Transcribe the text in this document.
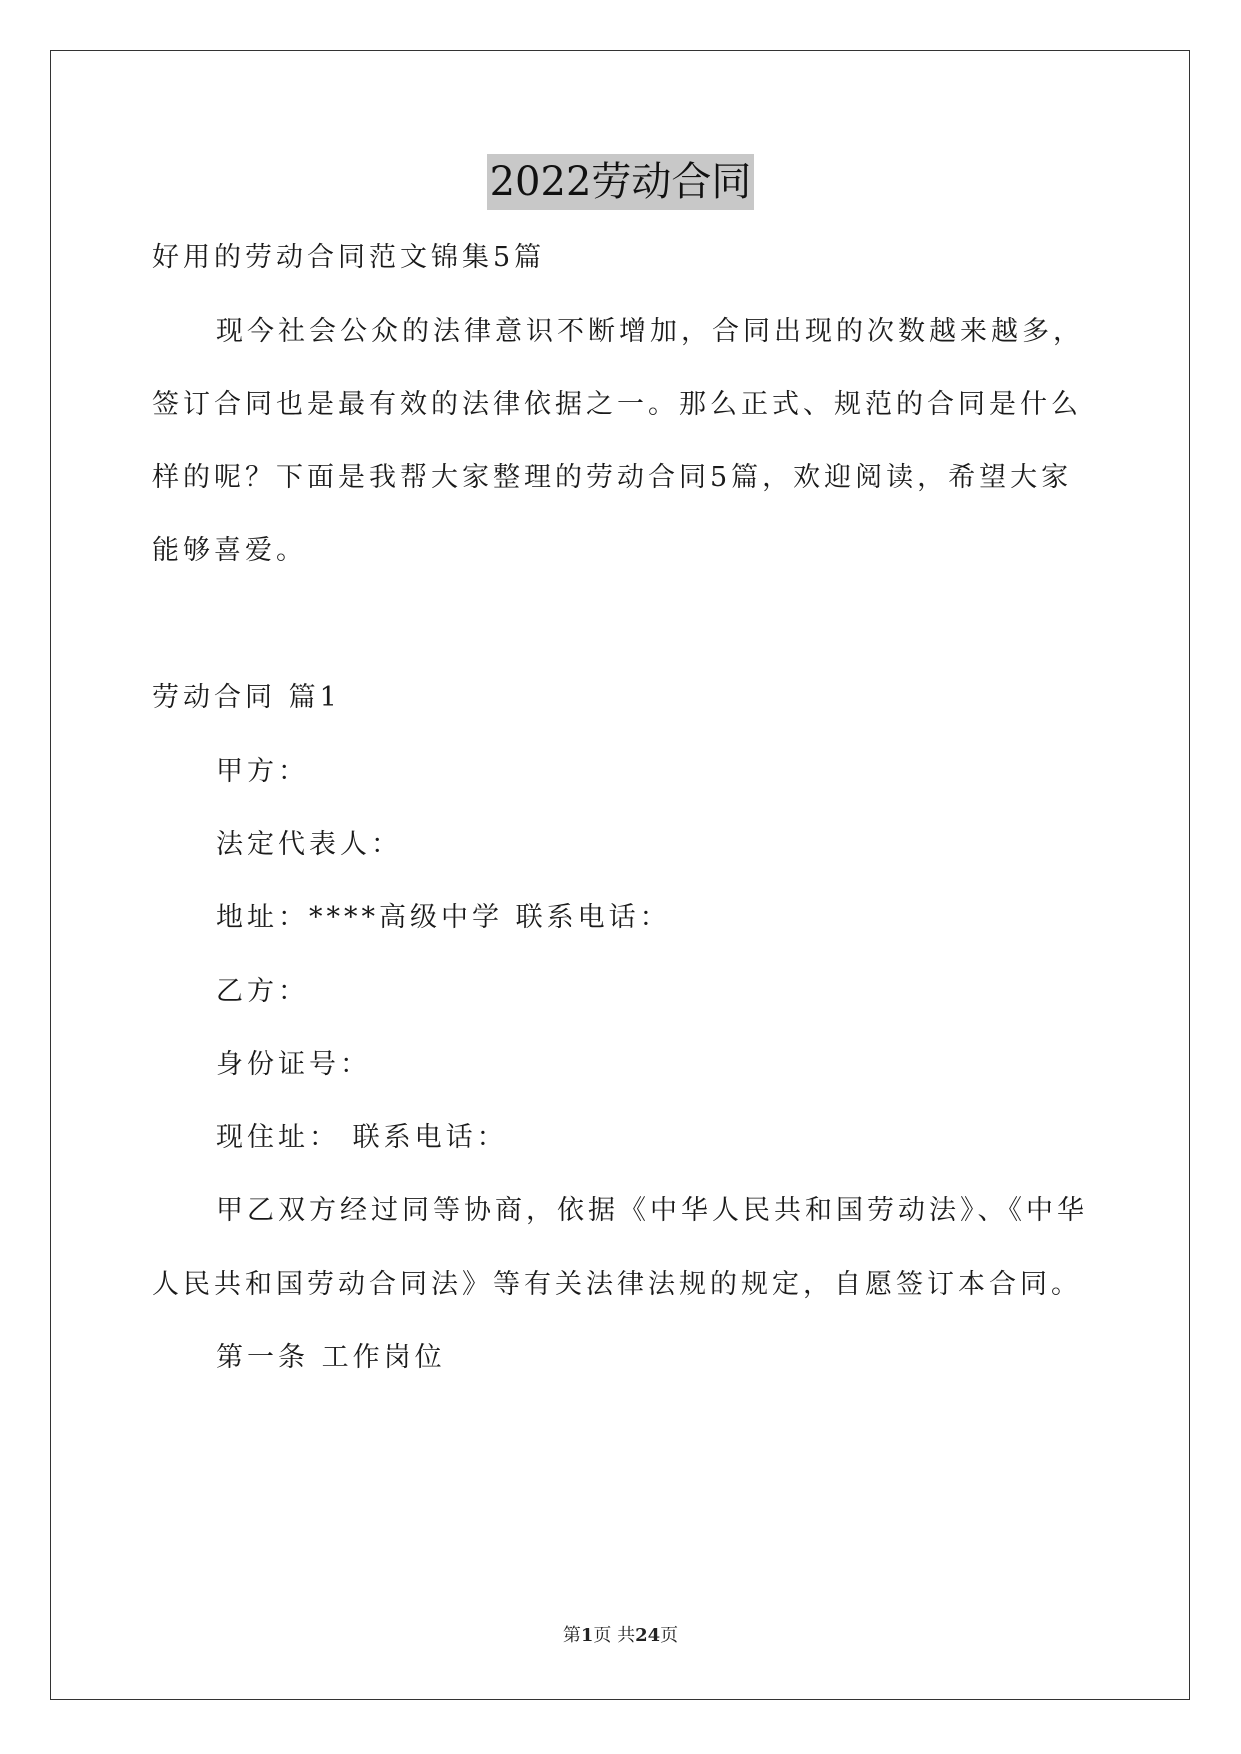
2022劳动合同
好用的劳动合同范文锦集5篇
现今社会公众的法律意识不断增加，合同出现的次数越来越多，
签订合同也是最有效的法律依据之一。那么正式、规范的合同是什么
样的呢？下面是我帮大家整理的劳动合同5篇，欢迎阅读，希望大家
能够喜爱。
劳动合同 篇1
甲方：
法定代表人：
地址：****高级中学 联系电话：
乙方：
身份证号：
现住址： 联系电话：
甲乙双方经过同等协商，依据《中华人民共和国劳动法》、《中华
人民共和国劳动合同法》等有关法律法规的规定，自愿签订本合同。
第一条 工作岗位
第1页 共24页
